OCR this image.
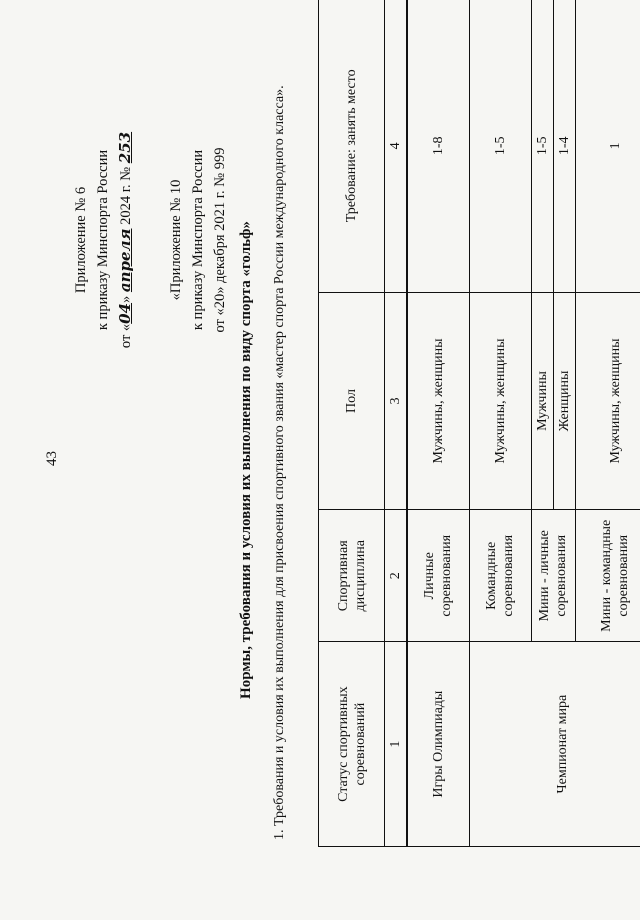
43
Приложение № 6 к приказу Минспорта России
от «04» апреля 2024 г. № 253
«Приложение № 10 к приказу Минспорта России от «20» декабря 2021 г. № 999 Нормы, требования и условия их выполнения по виду спорта «гольф» 1. Требования и условия их выполнения для присвоения спортивного звания «мастер спорта России международного класса».	Статус спортивных соревнований	Спортивная дисциплина	Пол	Требование: занять место
1	2	3	4
Игры Олимпиады	Личные соревнования	Мужчины, женщины	1-8
Чемпионат мира	Командные соревнования	Мужчины, женщины	1-5
	Мини - личные соревнования	Мужчины	1-5
		Женщины	1-4
	Мини - командные соревнования	Мужчины, женщины	1
